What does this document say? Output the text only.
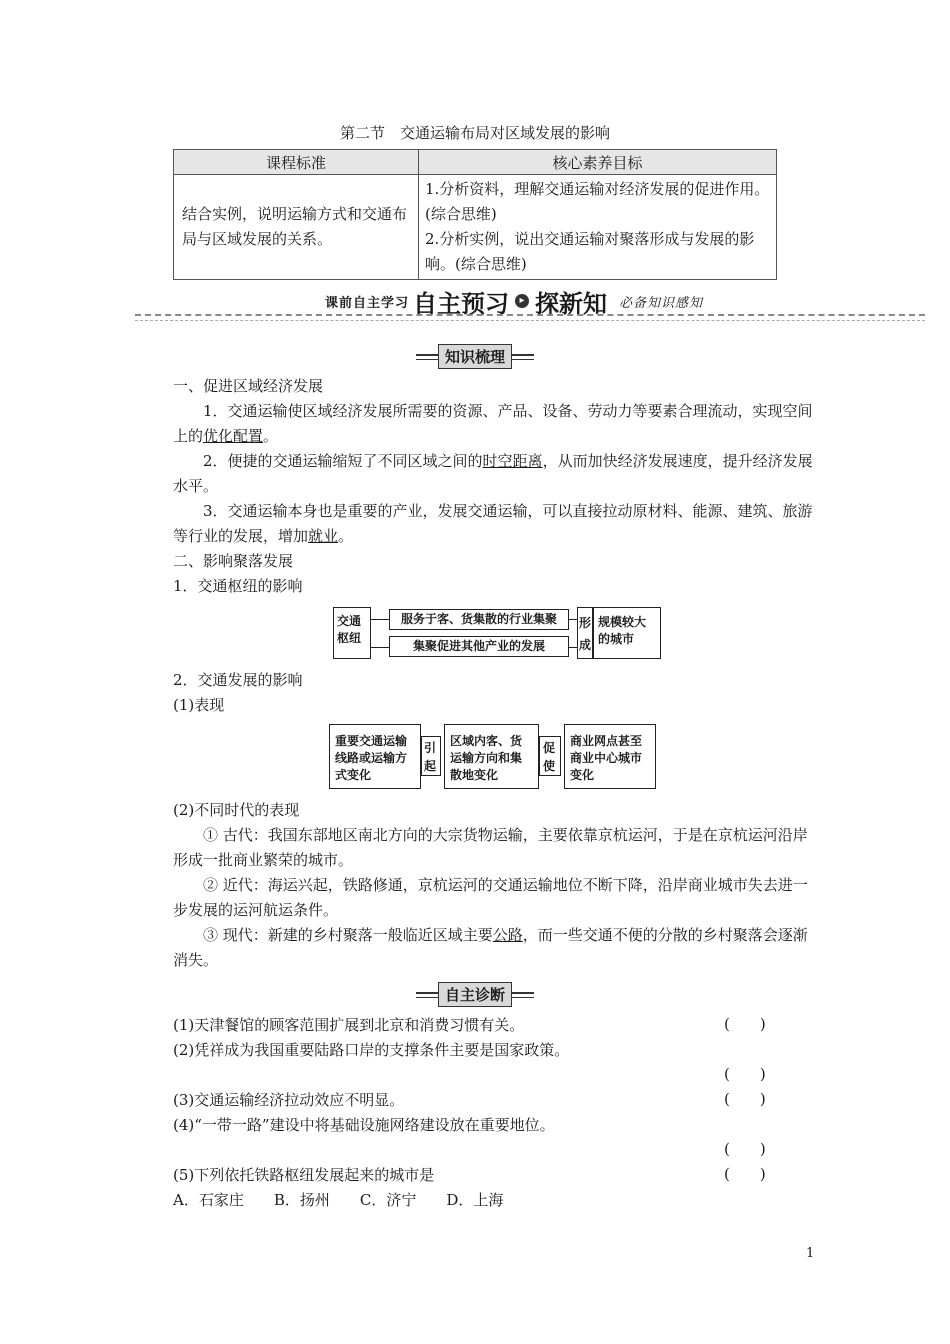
第二节　交通运输布局对区域发展的影响
课程标准	核心素养目标
结合实例，说明运输方式和交通布局与区域发展的关系。	1.分析资料，理解交通运输对经济发展的促进作用。(综合思维)
2.分析实例，说出交通运输对聚落形成与发展的影响。(综合思维)
课前自主学习 自主预习	▸ 探新知 必备知识感知
知识梳理
一、促进区域经济发展
1．交通运输使区域经济发展所需要的资源、产品、设备、劳动力等要素合理流动，实现空间上的优化配置。
2．便捷的交通运输缩短了不同区域之间的时空距离，从而加快经济发展速度，提升经济发展水平。
3．交通运输本身也是重要的产业，发展交通运输，可以直接拉动原材料、能源、建筑、旅游等行业的发展，增加就业。
二、影响聚落发展
1．交通枢纽的影响
交通枢纽
服务于客、货集散的行业集聚
集聚促进其他产业的发展
形成
规模较大的城市
2．交通发展的影响
(1)表现
重要交通运输线路或运输方式变化
引起
区域内客、货运输方向和集散地变化
促使
商业网点甚至商业中心城市变化
(2)不同时代的表现
① 古代：我国东部地区南北方向的大宗货物运输，主要依靠京杭运河，于是在京杭运河沿岸形成一批商业繁荣的城市。
② 近代：海运兴起，铁路修通，京杭运河的交通运输地位不断下降，沿岸商业城市失去进一步发展的运河航运条件。
③ 现代：新建的乡村聚落一般临近区域主要公路，而一些交通不便的分散的乡村聚落会逐渐消失。
自主诊断
(1)天津餐馆的顾客范围扩展到北京和消费习惯有关。	(　　)
(2)凭祥成为我国重要陆路口岸的支撑条件主要是国家政策。
(　　)
(3)交通运输经济拉动效应不明显。	(　　)
(4)“一带一路”建设中将基础设施网络建设放在重要地位。
(　　)
(5)下列依托铁路枢纽发展起来的城市是	(　　)
A．石家庄　　B．扬州　　C．济宁　　D．上海
1
